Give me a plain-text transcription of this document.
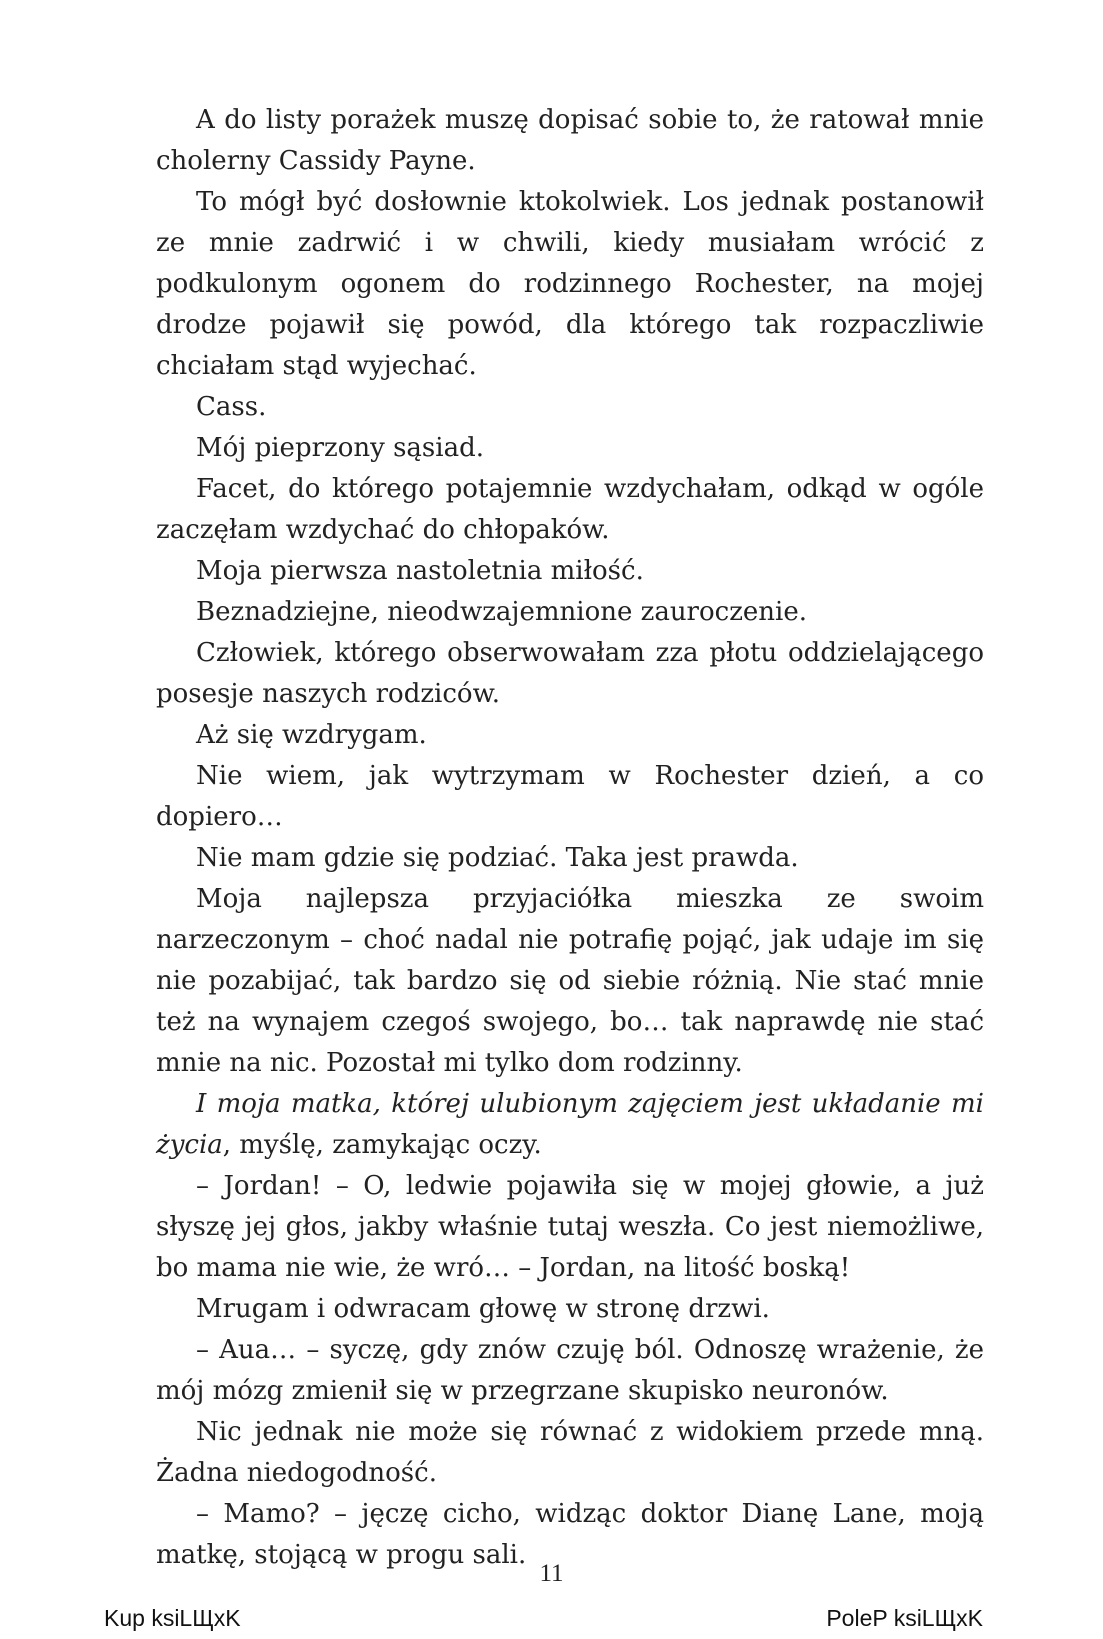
A do listy porażek muszę dopisać sobie to, że ratował mnie cholerny Cassidy Payne.

To mógł być dosłownie ktokolwiek. Los jednak postanowił ze mnie zadrwić i w chwili, kiedy musiałam wrócić z podkulonym ogonem do rodzinnego Rochester, na mojej drodze pojawił się powód, dla którego tak rozpaczliwie chciałam stąd wyjechać.

Cass.

Mój pieprzony sąsiad.

Facet, do którego potajemnie wzdychałam, odkąd w ogóle zaczęłam wzdychać do chłopaków.

Moja pierwsza nastoletnia miłość.

Beznadziejne, nieodwzajemnione zauroczenie.

Człowiek, którego obserwowałam zza płotu oddzielającego posesje naszych rodziców.

Aż się wzdrygam.

Nie wiem, jak wytrzymam w Rochester dzień, a co dopiero…

Nie mam gdzie się podziać. Taka jest prawda.

Moja najlepsza przyjaciółka mieszka ze swoim narzeczonym – choć nadal nie potrafię pojąć, jak udaje im się nie pozabijać, tak bardzo się od siebie różnią. Nie stać mnie też na wynajem czegoś swojego, bo… tak naprawdę nie stać mnie na nic. Pozostał mi tylko dom rodzinny.

I moja matka, której ulubionym zajęciem jest układanie mi życia, myślę, zamykając oczy.

– Jordan! – O, ledwie pojawiła się w mojej głowie, a już słyszę jej głos, jakby właśnie tutaj weszła. Co jest niemożliwe, bo mama nie wie, że wró… – Jordan, na litość boską!

Mrugam i odwracam głowę w stronę drzwi.

– Aua… – syczę, gdy znów czuję ból. Odnoszę wrażenie, że mój mózg zmienił się w przegrzane skupisko neuronów.

Nic jednak nie może się równać z widokiem przede mną. Żadna niedogodność.

– Mamo? – jęczę cicho, widząc doktor Dianę Lane, moją matkę, stojącą w progu sali.

11
Kup ksiLЩxK	PoleP ksiLЩxK
